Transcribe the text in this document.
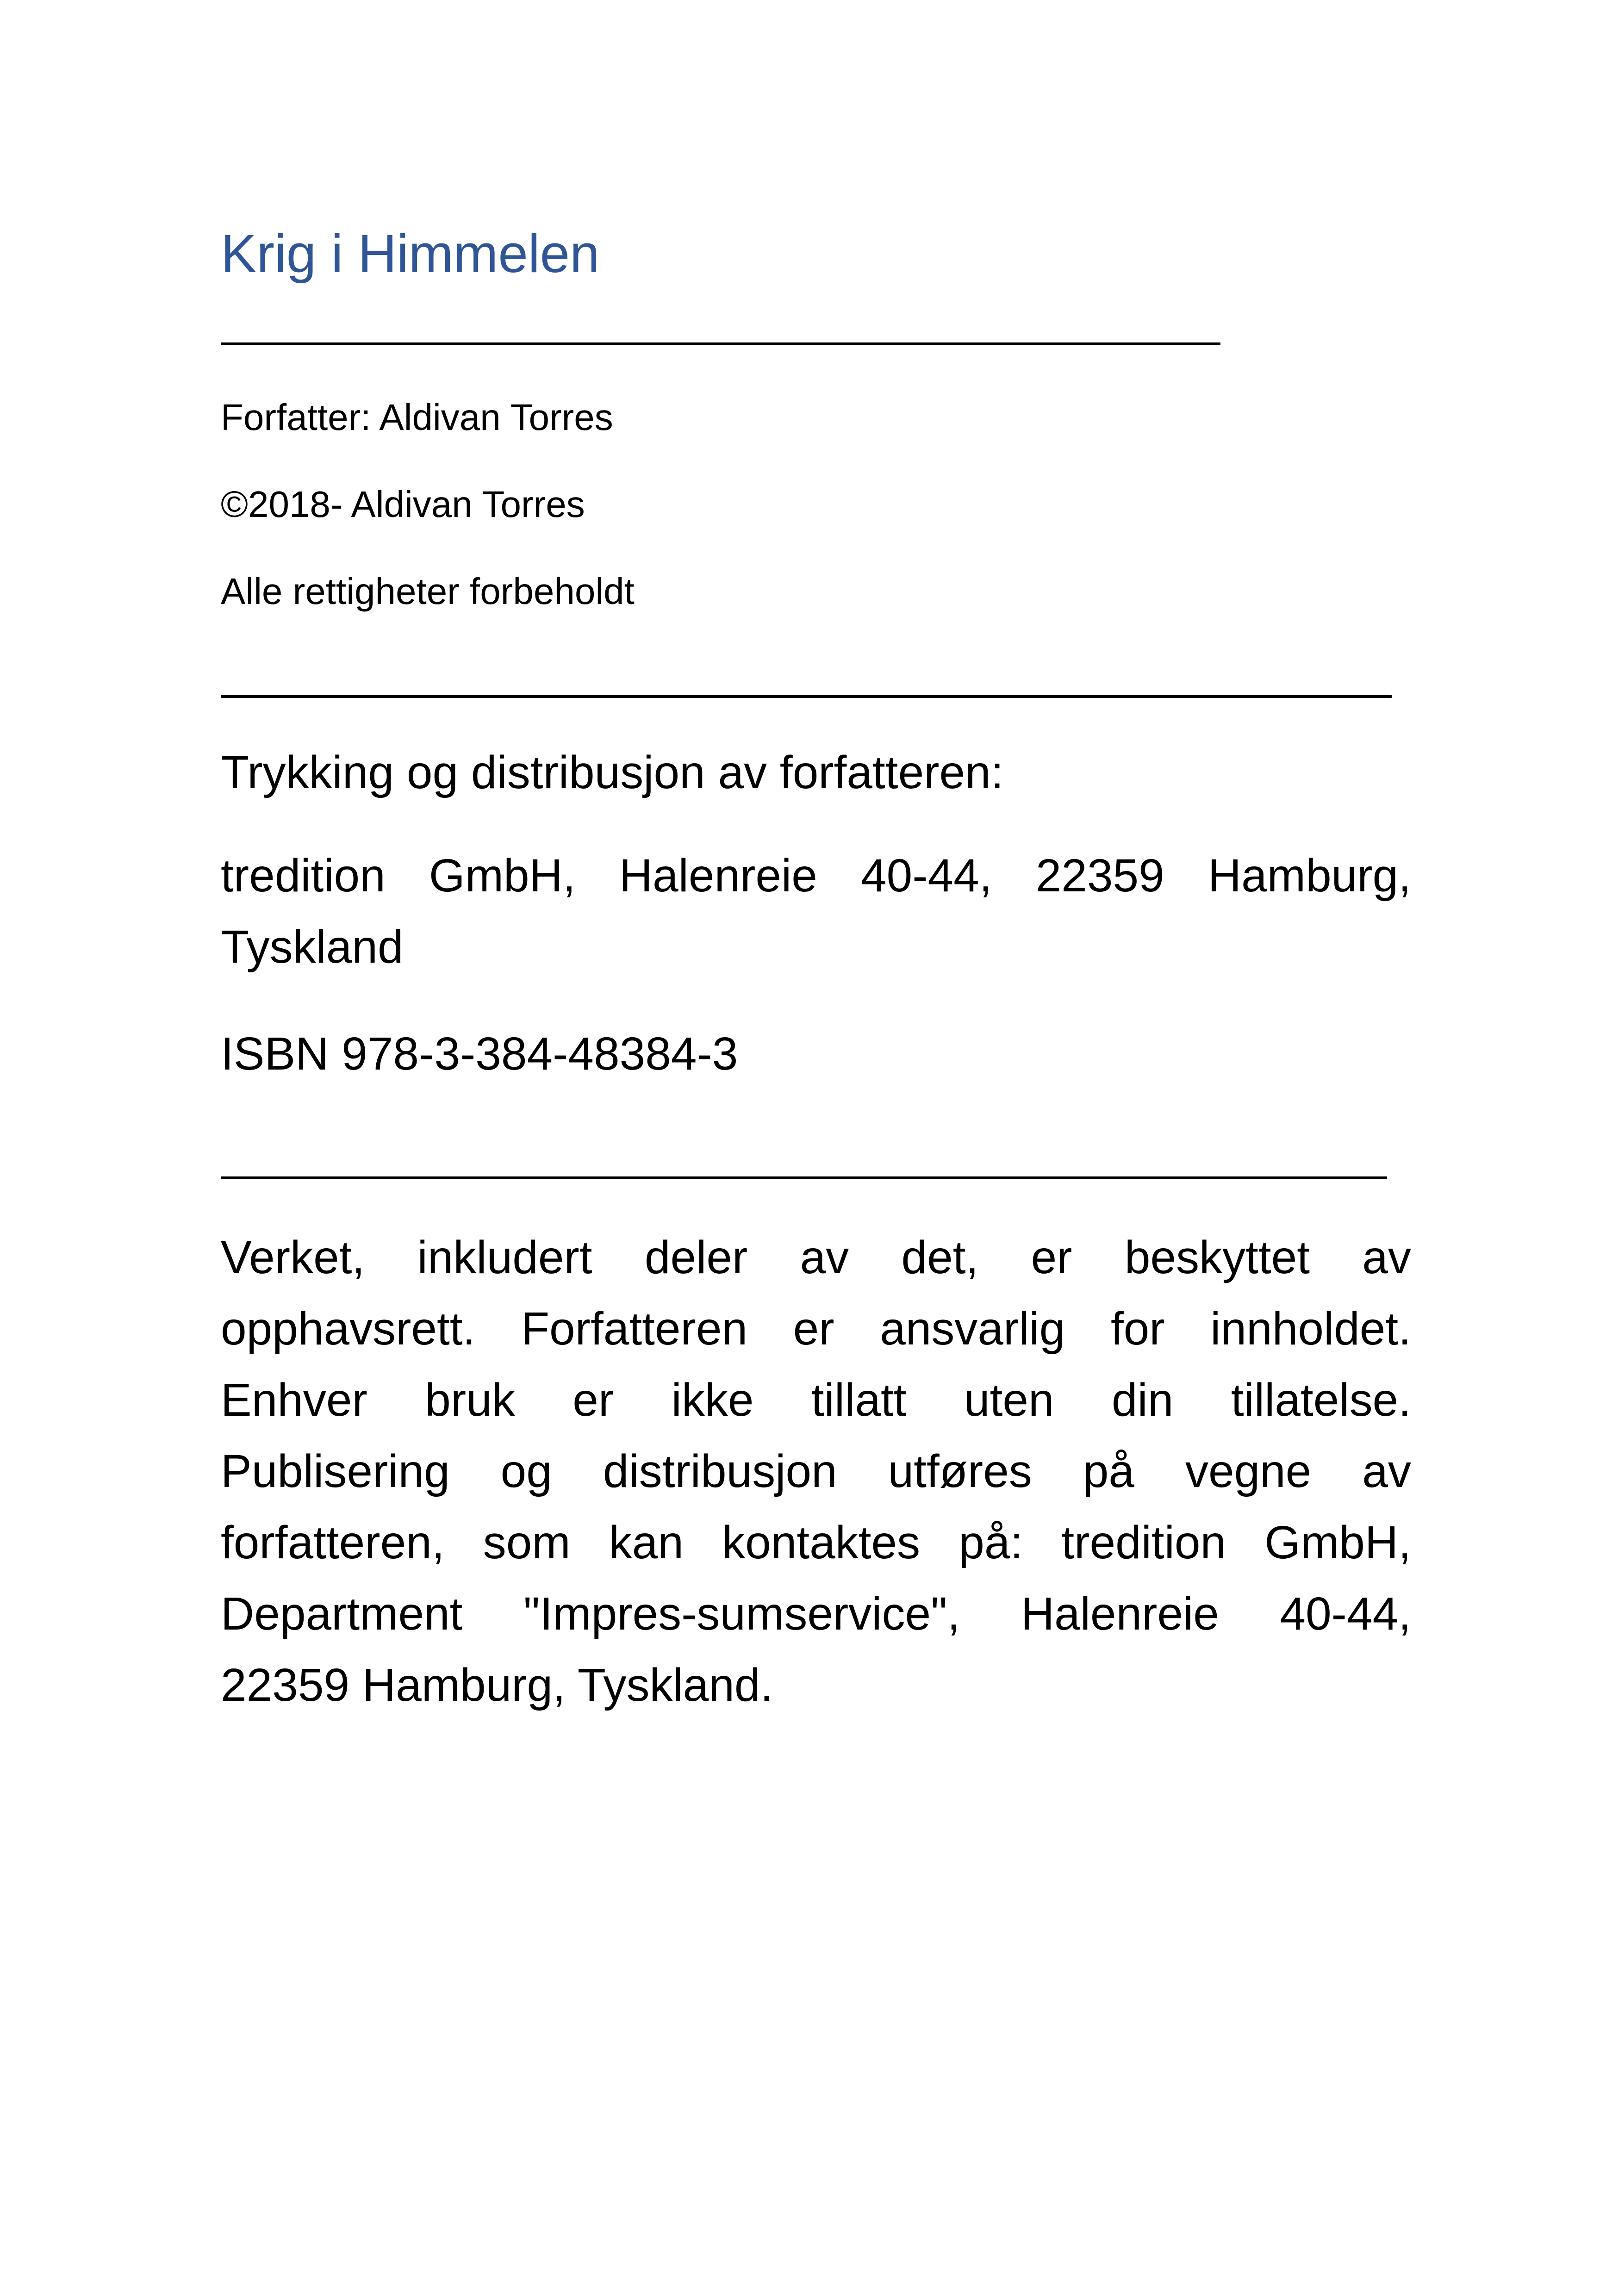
Krig i Himmelen

Forfatter: Aldivan Torres

©2018- Aldivan Torres

Alle rettigheter forbeholdt

Trykking og distribusjon av forfatteren:

tredition GmbH, Halenreie 40-44, 22359 Hamburg,
Tyskland

ISBN 978-3-384-48384-3

Verket, inkludert deler av det, er beskyttet av
opphavsrett. Forfatteren er ansvarlig for innholdet.
Enhver bruk er ikke tillatt uten din tillatelse.
Publisering og distribusjon utføres på vegne av
forfatteren, som kan kontaktes på: tredition GmbH,
Department "Impres-sumservice", Halenreie 40-44,
22359 Hamburg, Tyskland.
